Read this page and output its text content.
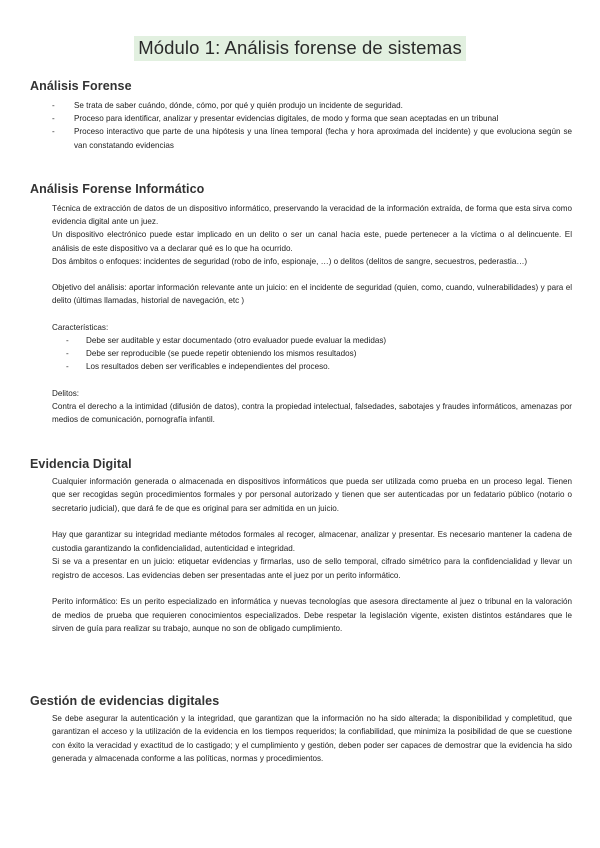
Módulo 1: Análisis forense de sistemas
Análisis Forense
- Se trata de saber cuándo, dónde, cómo, por qué y quién produjo un incidente de seguridad.
- Proceso para identificar, analizar y presentar evidencias digitales, de modo y forma que sean aceptadas en un tribunal
- Proceso interactivo que parte de una hipótesis y una línea temporal (fecha y hora aproximada del incidente) y que evoluciona según se van constatando evidencias
Análisis Forense Informático

Técnica de extracción de datos de un dispositivo informático, preservando la veracidad de la información extraída, de forma que esta sirva como evidencia digital ante un juez.

Un dispositivo electrónico puede estar implicado en un delito o ser un canal hacia este, puede pertenecer a la víctima o al delincuente. El análisis de este dispositivo va a declarar qué es lo que ha ocurrido.

Dos ámbitos o enfoques: incidentes de seguridad (robo de info, espionaje, …) o delitos (delitos de sangre, secuestros, pederastia…)

Objetivo del análisis: aportar información relevante ante un juicio: en el incidente de seguridad (quien, como, cuando, vulnerabilidades) y para el delito (últimas llamadas, historial de navegación, etc )

Características:

- Debe ser auditable y estar documentado (otro evaluador puede evaluar la medidas)
- Debe ser reproducible (se puede repetir obteniendo los mismos resultados)
- Los resultados deben ser verificables e independientes del proceso.

Delitos:

Contra el derecho a la intimidad (difusión de datos), contra la propiedad intelectual, falsedades, sabotajes y fraudes informáticos, amenazas por medios de comunicación, pornografía infantil.

Evidencia Digital

Cualquier información generada o almacenada en dispositivos informáticos que pueda ser utilizada como prueba en un proceso legal. Tienen que ser recogidas según procedimientos formales y por personal autorizado y tienen que ser autenticadas por un fedatario público (notario o secretario judicial), que dará fe de que es original para ser admitida en un juicio.

Hay que garantizar su integridad mediante métodos formales al recoger, almacenar, analizar y presentar. Es necesario mantener la cadena de custodia garantizando la confidencialidad, autenticidad e integridad.

Si se va a presentar en un juicio: etiquetar evidencias y firmarlas, uso de sello temporal, cifrado simétrico para la confidencialidad y llevar un registro de accesos. Las evidencias deben ser presentadas ante el juez por un perito informático.

Perito informático: Es un perito especializado en informática y nuevas tecnologías que asesora directamente al juez o tribunal en la valoración de medios de prueba que requieren conocimientos especializados. Debe respetar la legislación vigente, existen distintos estándares que le sirven de guía para realizar su trabajo, aunque no son de obligado cumplimiento.

Gestión de evidencias digitales

Se debe asegurar la autenticación y la integridad, que garantizan que la información no ha sido alterada; la disponibilidad y completitud, que garantizan el acceso y la utilización de la evidencia en los tiempos requeridos; la confiabilidad, que minimiza la posibilidad de que se cuestione con éxito la veracidad y exactitud de lo castigado; y el cumplimiento y gestión, deben poder ser capaces de demostrar que la evidencia ha sido generada y almacenada conforme a las políticas, normas y procedimientos.
